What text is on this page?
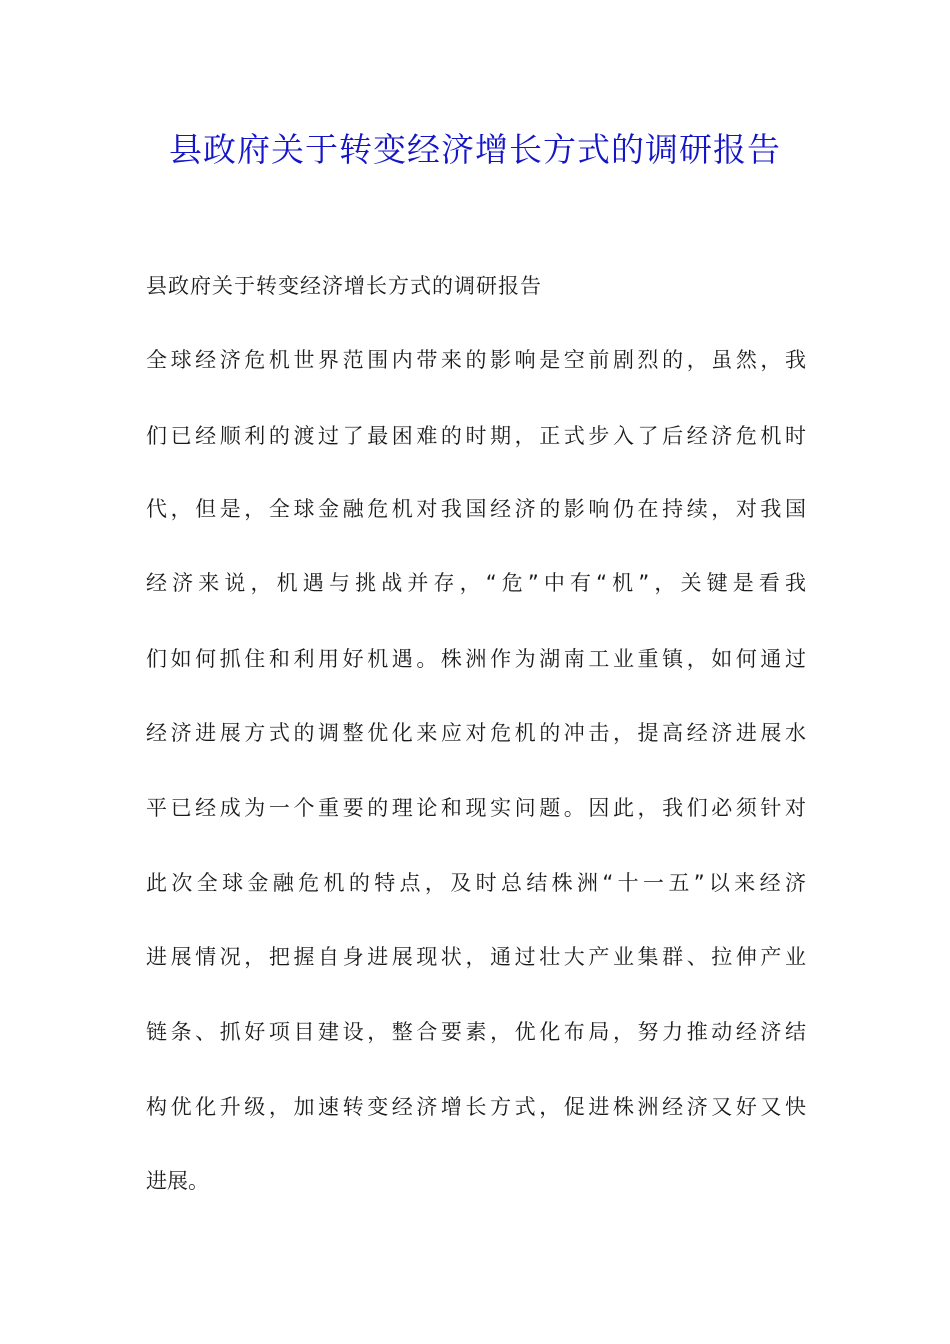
县政府关于转变经济增长方式的调研报告
县政府关于转变经济增长方式的调研报告
全球经济危机世界范围内带来的影响是空前剧烈的，虽然，我
们已经顺利的渡过了最困难的时期，正式步入了后经济危机时
代，但是，全球金融危机对我国经济的影响仍在持续，对我国
经济来说，机遇与挑战并存，“危”中有“机”，关键是看我
们如何抓住和利用好机遇。株洲作为湖南工业重镇，如何通过
经济进展方式的调整优化来应对危机的冲击，提高经济进展水
平已经成为一个重要的理论和现实问题。因此，我们必须针对
此次全球金融危机的特点，及时总结株洲“十一五”以来经济
进展情况，把握自身进展现状，通过壮大产业集群、拉伸产业
链条、抓好项目建设，整合要素，优化布局，努力推动经济结
构优化升级，加速转变经济增长方式，促进株洲经济又好又快
进展。
